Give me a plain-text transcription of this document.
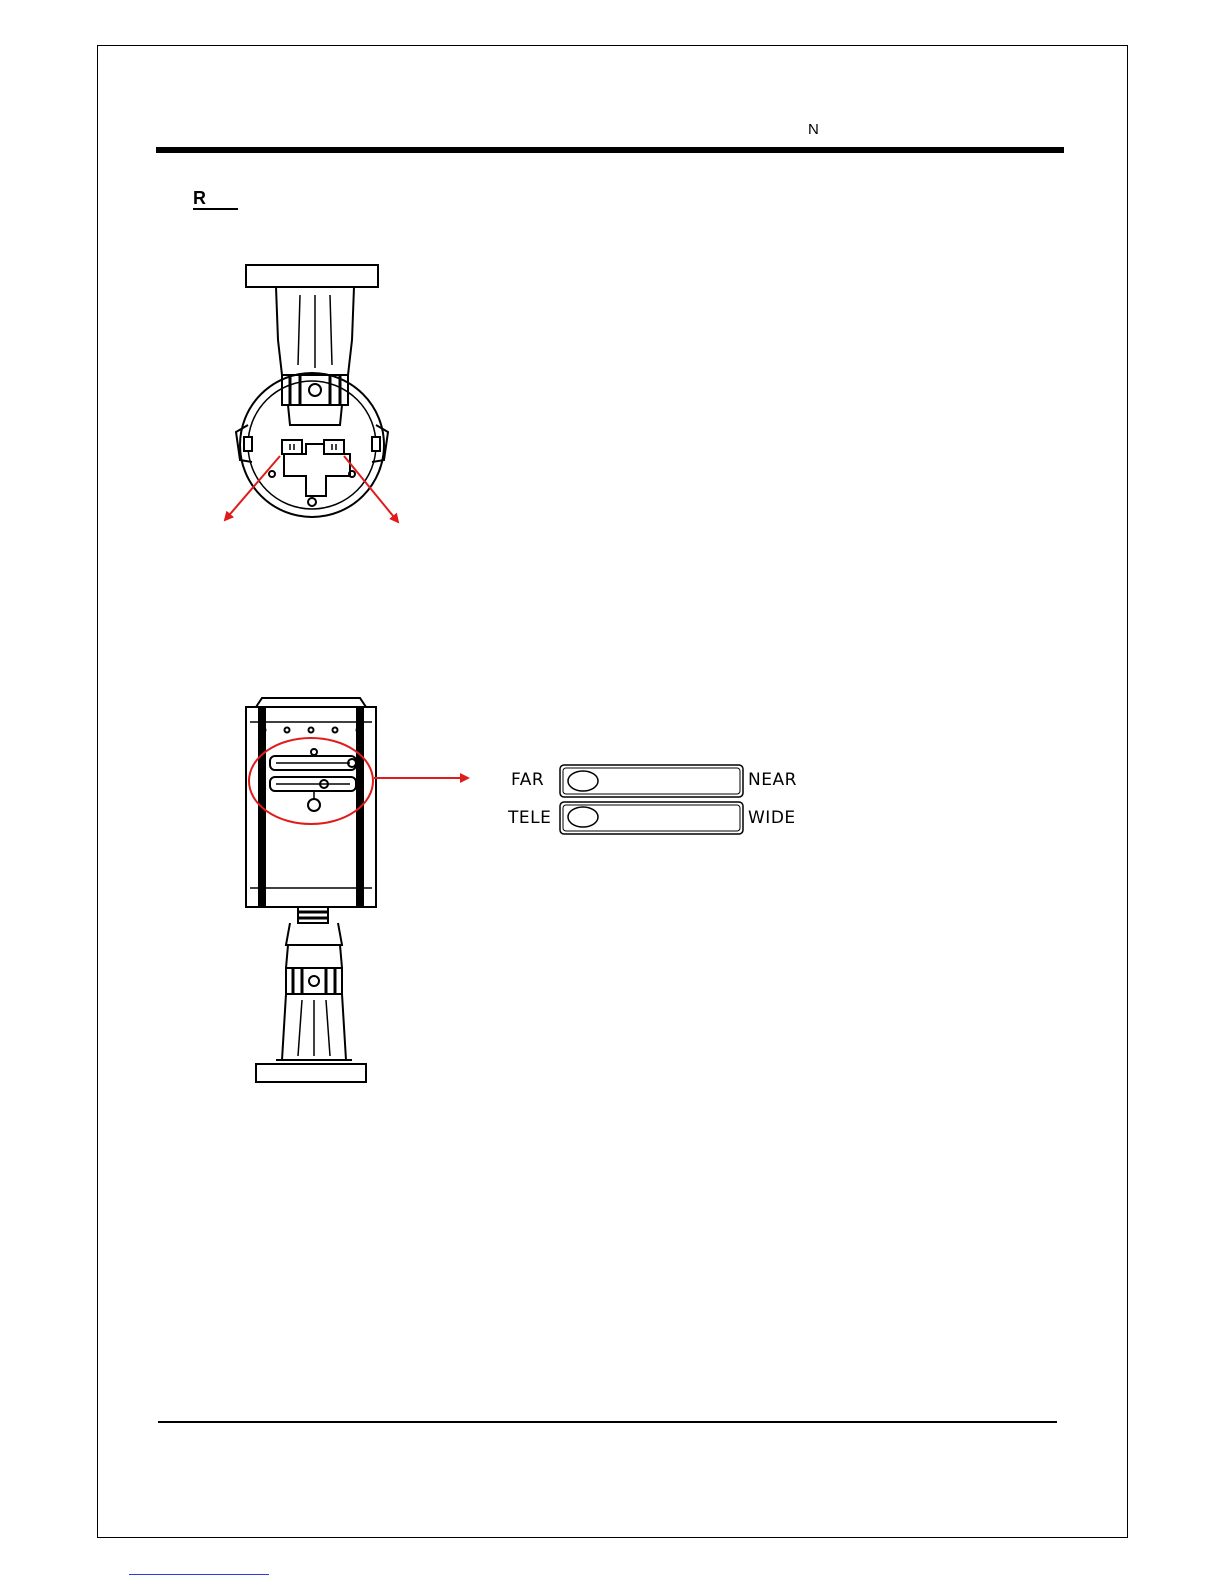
N
R
FAR	NEAR
TELE	WIDE
